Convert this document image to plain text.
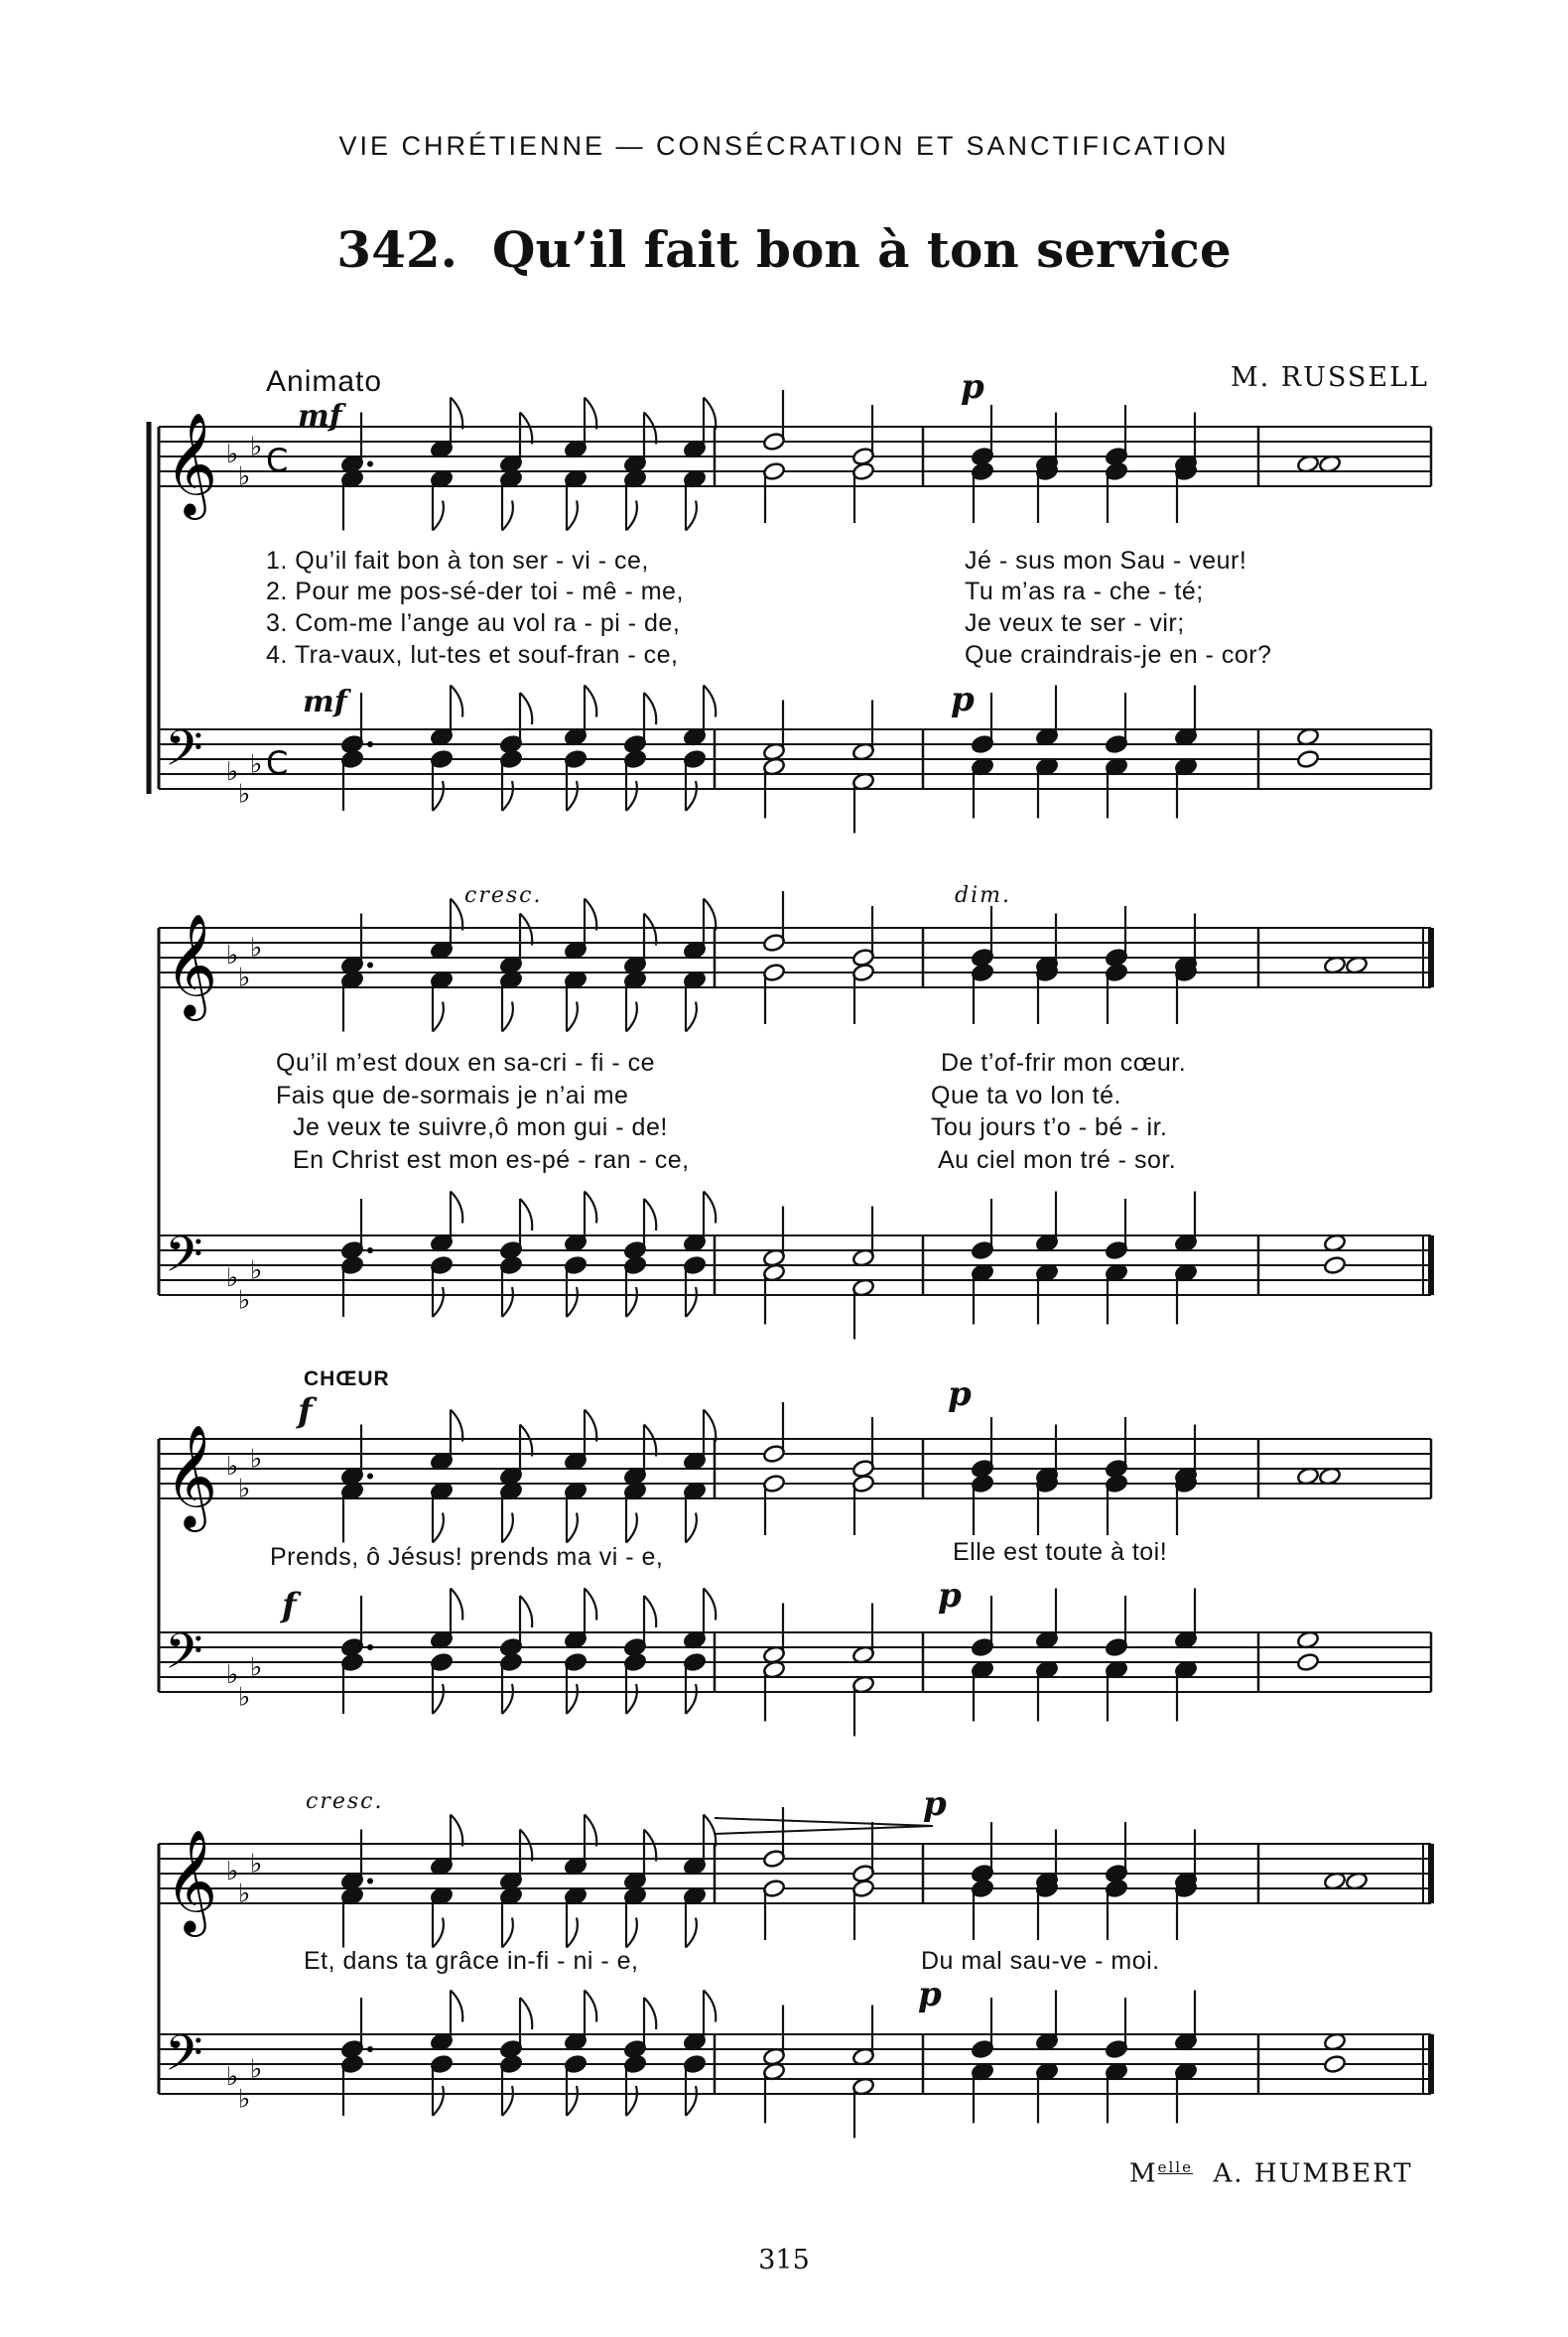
VIE CHRÉTIENNE — CONSÉCRATION ET SANCTIFICATION
342. Qu’il fait bon à ton service
Animato	M. RUSSELL
mf
p
mf	p
cresc.	dim.
CHŒUR
f	p
f	p
cresc.	p
p
1. Qu’il fait bon à ton ser - vi - ce,
2. Pour me pos-sé-der toi - mê - me,
3. Com-me l’ange au vol ra - pi - de,
4. Tra-vaux, lut-tes et souf-fran - ce,
Jé - sus mon Sau - veur!
Tu m’as ra - che - té;
Je veux te ser - vir;
Que craindrais-je en - cor?
Qu’il m’est doux en sa-cri - fi - ce
Fais que de-sormais je n’ai me
Je veux te suivre,ô mon gui - de!
En Christ est mon es-pé - ran - ce,
De t’of-frir mon cœur.
Que ta vo lon té.
Tou jours t’o - bé - ir.
Au ciel mon tré - sor.
Prends, ô Jésus! prends ma vi - e,	Elle est toute à toi!
Et, dans ta grâce in-fi - ni - e,	Du mal sau-ve - moi.
$M^{elle}$ A. HUMBERT
315
𝄞
𝄢
♭
♭
♭
♭
♭
♭
C
C
𝄞
𝄢
♭
♭
♭
♭
♭
♭
𝄞
𝄢
♭
♭
♭
♭
♭
♭
𝄞
𝄢
♭
♭
♭
♭
♭
♭
